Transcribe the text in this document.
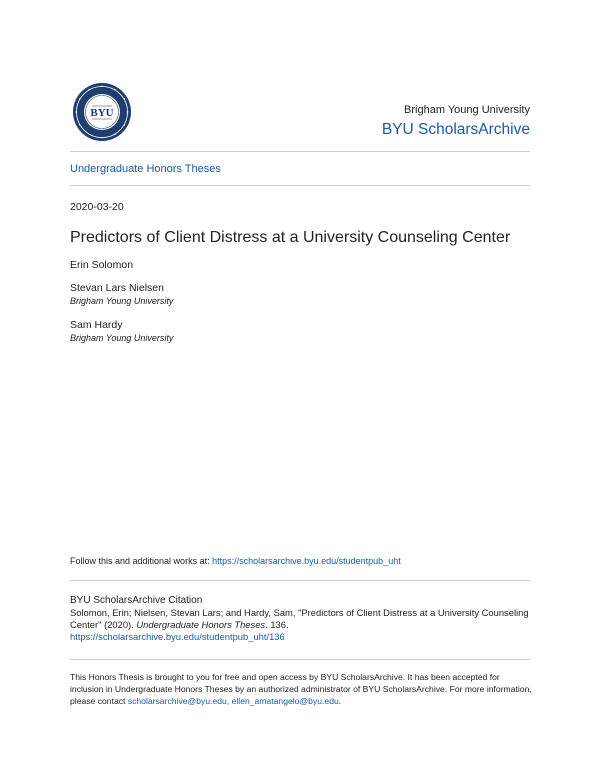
BYU	Brigham Young University
BYU ScholarsArchive
Undergraduate Honors Theses
2020-03-20
Predictors of Client Distress at a University Counseling Center
Erin Solomon
Stevan Lars Nielsen
Brigham Young University
Sam Hardy
Brigham Young University
Follow this and additional works at: https://scholarsarchive.byu.edu/studentpub_uht
BYU ScholarsArchive Citation
Solomon, Erin; Nielsen, Stevan Lars; and Hardy, Sam, "Predictors of Client Distress at a University Counseling Center" (2020). Undergraduate Honors Theses. 136.
https://scholarsarchive.byu.edu/studentpub_uht/136
This Honors Thesis is brought to you for free and open access by BYU ScholarsArchive. It has been accepted for inclusion in Undergraduate Honors Theses by an authorized administrator of BYU ScholarsArchive. For more information, please contact scholarsarchive@byu.edu, ellen_amatangelo@byu.edu.
